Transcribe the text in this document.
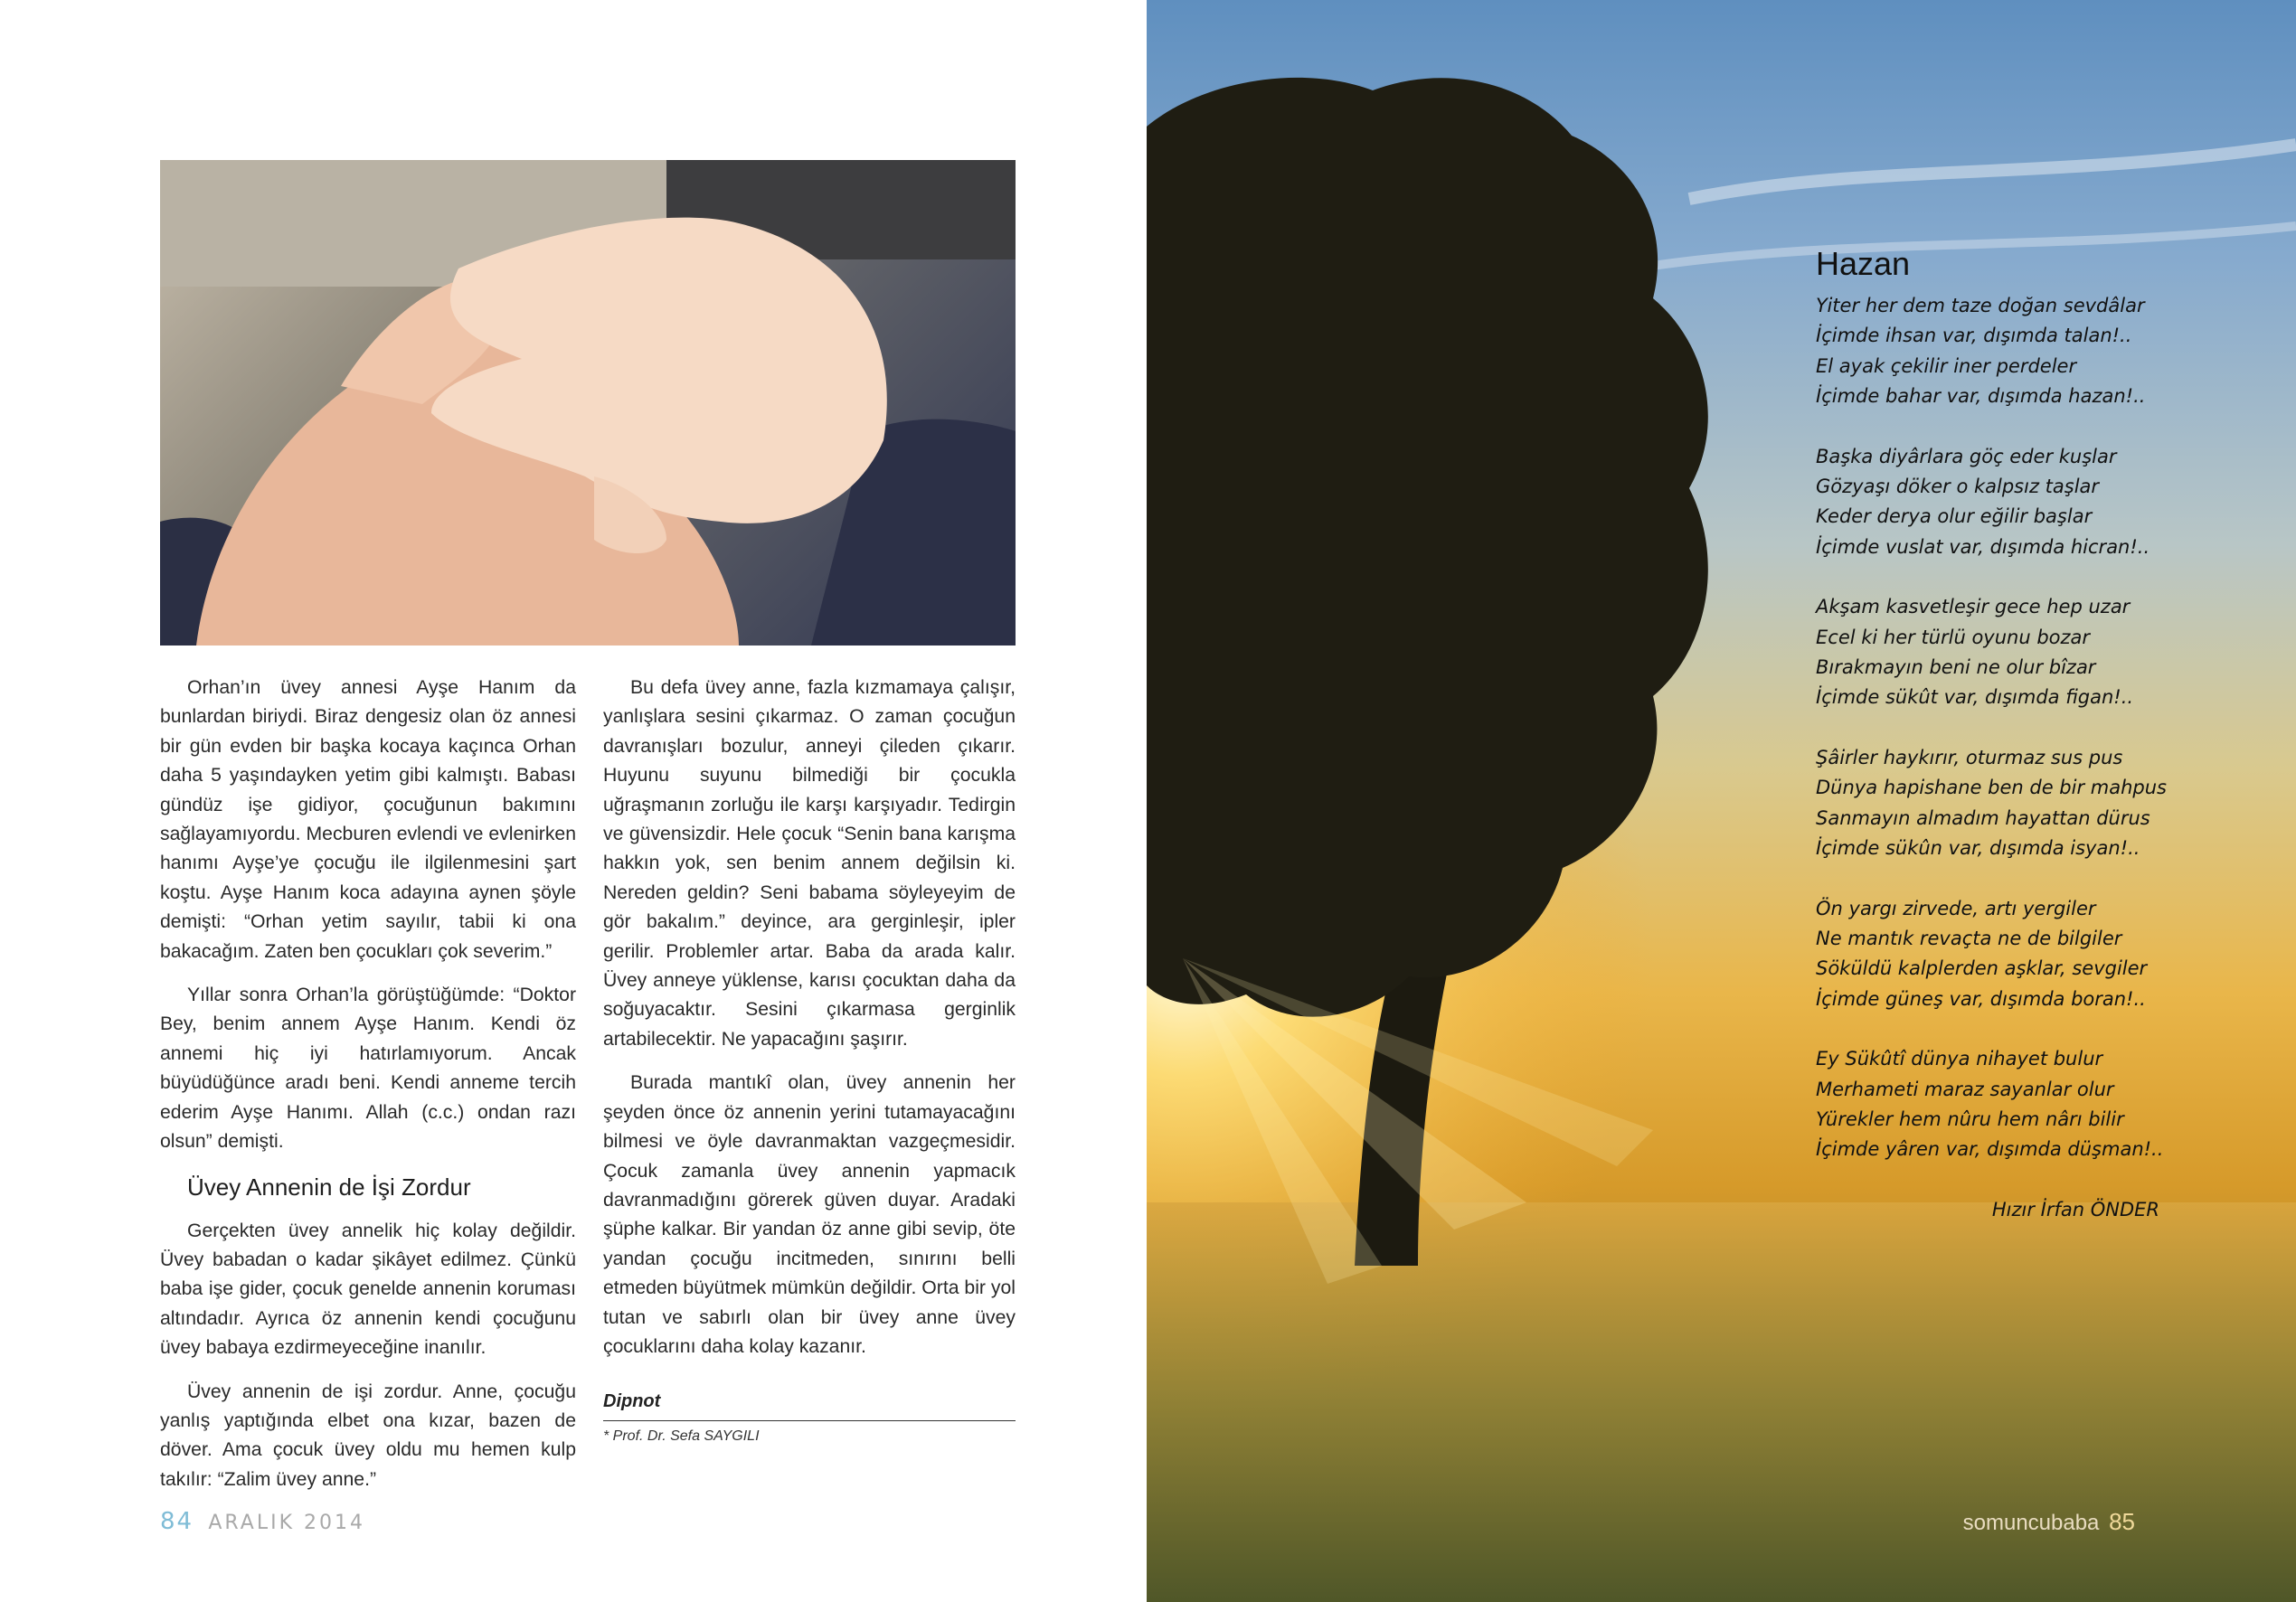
Orhan’ın üvey annesi Ayşe Hanım da bunlardan biriydi. Biraz dengesiz olan öz annesi bir gün evden bir başka kocaya kaçınca Orhan daha 5 yaşındayken yetim gibi kalmıştı. Babası gündüz işe gidiyor, çocuğunun bakımını sağlayamıyordu. Mecburen evlendi ve evlenirken hanımı Ayşe’ye çocuğu ile ilgilenmesini şart koştu. Ayşe Hanım koca adayına aynen şöyle demişti: “Orhan yetim sayılır, tabii ki ona bakacağım. Zaten ben çocukları çok severim.”

Yıllar sonra Orhan’la görüştüğümde: “Doktor Bey, benim annem Ayşe Hanım. Kendi öz annemi hiç iyi hatırlamıyorum. Ancak büyüdüğünce aradı beni. Kendi anneme tercih ederim Ayşe Hanımı. Allah (c.c.) ondan razı olsun” demişti.

Üvey Annenin de İşi Zordur

Gerçekten üvey annelik hiç kolay değildir. Üvey babadan o kadar şikâyet edilmez. Çünkü baba işe gider, çocuk genelde annenin koruması altındadır. Ayrıca öz annenin kendi çocuğunu üvey babaya ezdirmeyeceğine inanılır.

Üvey annenin de işi zordur. Anne, çocuğu yanlış yaptığında elbet ona kızar, bazen de döver. Ama çocuk üvey oldu mu hemen kulp takılır: “Zalim üvey anne.”

Bu defa üvey anne, fazla kızmamaya çalışır, yanlışlara sesini çıkarmaz. O zaman çocuğun davranışları bozulur, anneyi çileden çıkarır. Huyunu suyunu bilmediği bir çocukla uğraşmanın zorluğu ile karşı karşıyadır. Tedirgin ve güvensizdir. Hele çocuk “Senin bana karışma hakkın yok, sen benim annem değilsin ki. Nereden geldin? Seni babama söyleyeyim de gör bakalım.” deyince, ara gerginleşir, ipler gerilir. Problemler artar. Baba da arada kalır. Üvey anneye yüklense, karısı çocuktan daha da soğuyacaktır. Sesini çıkarmasa gerginlik artabilecektir. Ne yapacağını şaşırır.

Burada mantıkî olan, üvey annenin her şeyden önce öz annenin yerini tutamayacağını bilmesi ve öyle davranmaktan vazgeçmesidir. Çocuk zamanla üvey annenin yapmacık davranmadığını görerek güven duyar. Aradaki şüphe kalkar. Bir yandan öz anne gibi sevip, öte yandan çocuğu incitmeden, sınırını belli etmeden büyütmek mümkün değildir. Orta bir yol tutan ve sabırlı olan bir üvey anne üvey çocuklarını daha kolay kazanır.

Dipnot
* Prof. Dr. Sefa SAYGILI
84 ARALIK 2014
Hazan
Yiter her dem taze doğan sevdâlar
İçimde ihsan var, dışımda talan!..
El ayak çekilir iner perdeler
İçimde bahar var, dışımda hazan!..
Başka diyârlara göç eder kuşlar
Gözyaşı döker o kalpsız taşlar
Keder derya olur eğilir başlar
İçimde vuslat var, dışımda hicran!..
Akşam kasvetleşir gece hep uzar
Ecel ki her türlü oyunu bozar
Bırakmayın beni ne olur bîzar
İçimde sükût var, dışımda figan!..
Şâirler haykırır, oturmaz sus pus
Dünya hapishane ben de bir mahpus
Sanmayın almadım hayattan dürus
İçimde sükûn var, dışımda isyan!..
Ön yargı zirvede, artı yergiler
Ne mantık revaçta ne de bilgiler
Söküldü kalplerden aşklar, sevgiler
İçimde güneş var, dışımda boran!..
Ey Sükûtî dünya nihayet bulur
Merhameti maraz sayanlar olur
Yürekler hem nûru hem nârı bilir
İçimde yâren var, dışımda düşman!..
Hızır İrfan ÖNDER
somuncubaba 85
